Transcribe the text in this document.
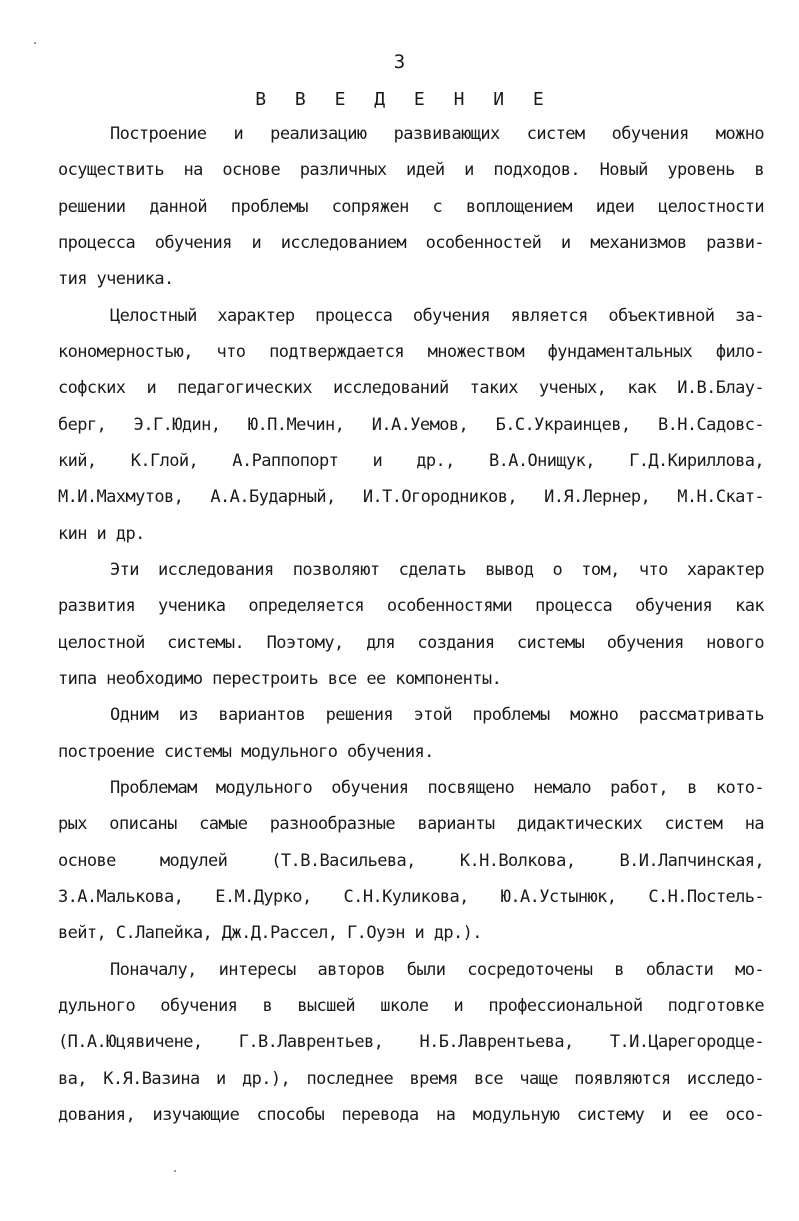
3
В В Е Д Е Н И Е
Построение и реализацию развивающих систем обучения можно
осуществить на основе различных идей и подходов. Новый уровень в
решении данной проблемы сопряжен с воплощением идеи целостности
процесса обучения и исследованием особенностей и механизмов разви-
тия ученика.
Целостный характер процесса обучения является объективной за-
кономерностью, что подтверждается множеством фундаментальных фило-
софских и педагогических исследований таких ученых, как И.В.Блау-
берг, Э.Г.Юдин, Ю.П.Мечин, И.А.Уемов, Б.С.Украинцев, В.Н.Садовс-
кий, К.Глой, А.Раппопорт и др., В.А.Онищук, Г.Д.Кириллова,
М.И.Махмутов, А.А.Бударный, И.Т.Огородников, И.Я.Лернер, М.Н.Скат-
кин и др.
Эти исследования позволяют сделать вывод о том, что характер
развития ученика определяется особенностями процесса обучения как
целостной системы. Поэтому, для создания системы обучения нового
типа необходимо перестроить все ее компоненты.
Одним из вариантов решения этой проблемы можно рассматривать
построение системы модульного обучения.
Проблемам модульного обучения посвящено немало работ, в кото-
рых описаны самые разнообразные варианты дидактических систем на
основе модулей (Т.В.Васильева, К.Н.Волкова, В.И.Лапчинская,
З.А.Малькова, Е.М.Дурко, С.Н.Куликова, Ю.А.Устынюк, С.Н.Постель-
вейт, С.Лапейка, Дж.Д.Рассел, Г.Оуэн и др.).
Поначалу, интересы авторов были сосредоточены в области мо-
дульного обучения в высшей школе и профессиональной подготовке
(П.А.Юцявичене, Г.В.Лаврентьев, Н.Б.Лаврентьева, Т.И.Царегородце-
ва, К.Я.Вазина и др.), последнее время все чаще появляются исследо-
дования, изучающие способы перевода на модульную систему и ее осо-
